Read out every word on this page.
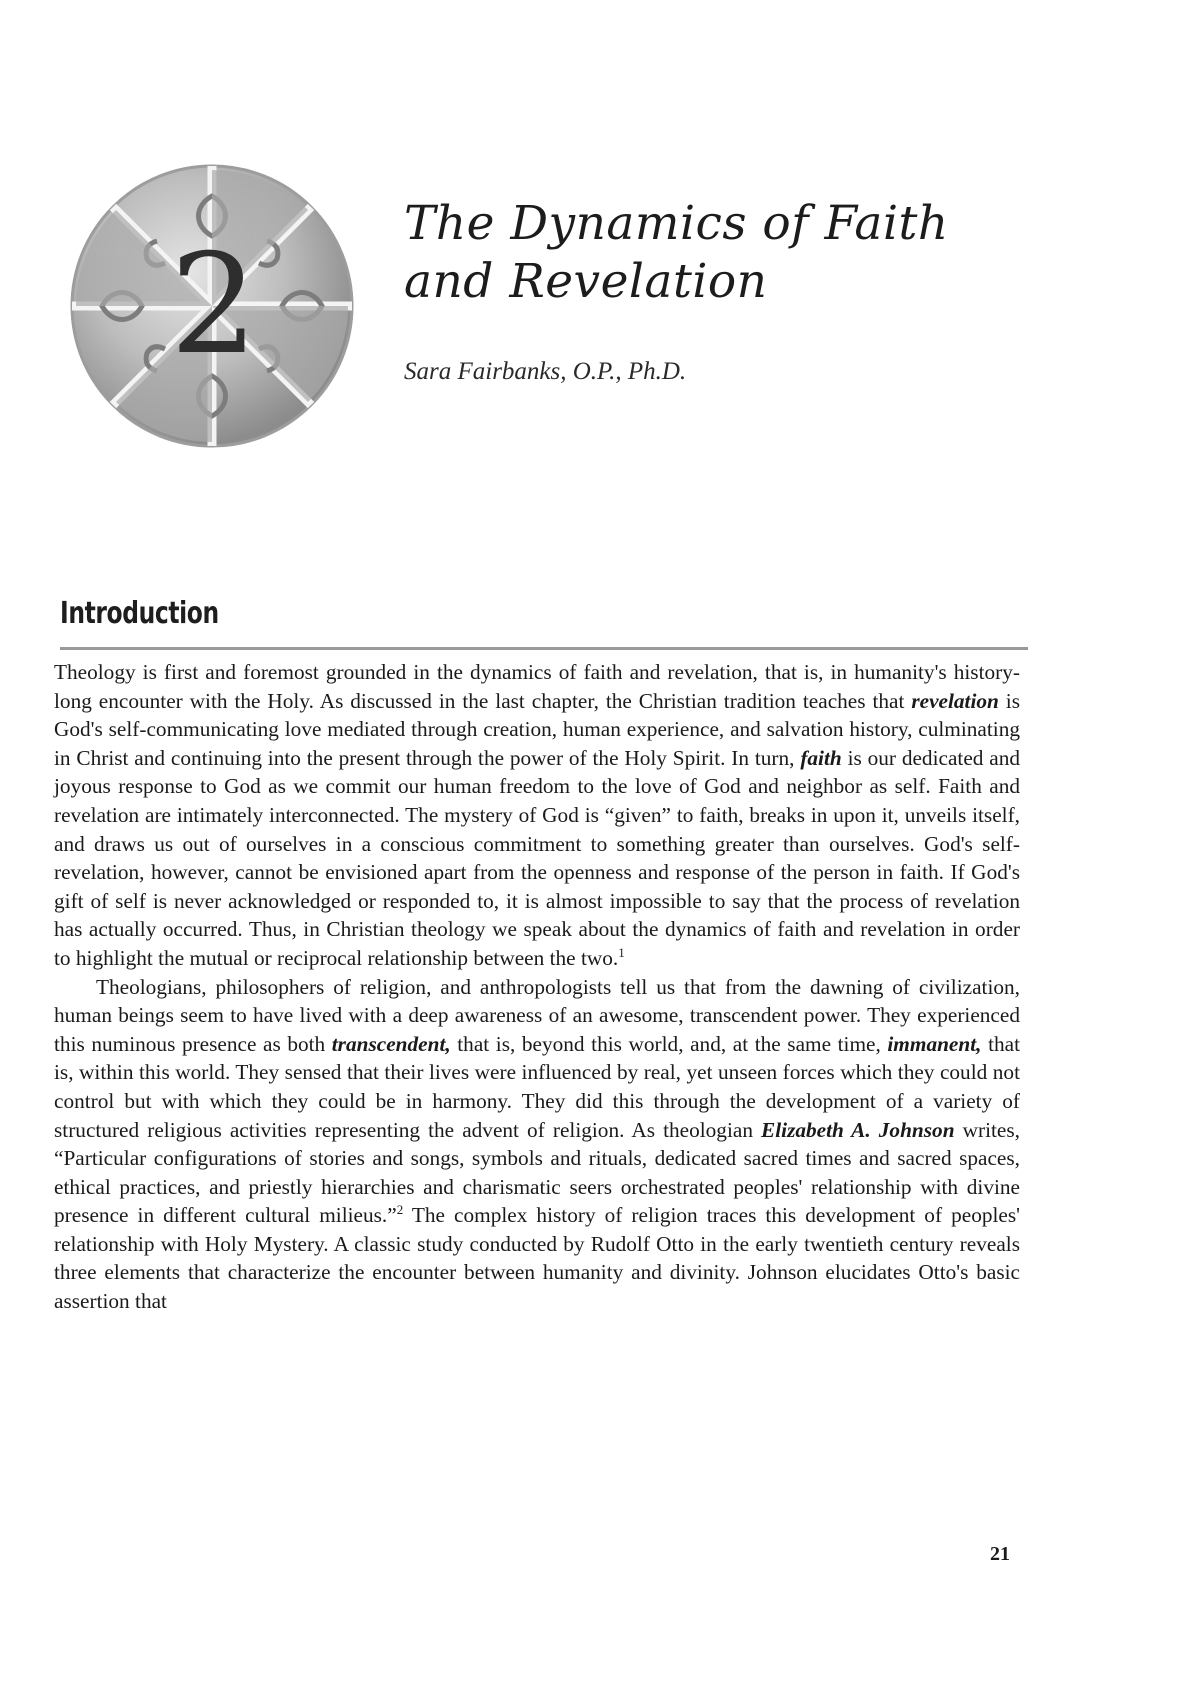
2
The Dynamics of Faith
and Revelation

Sara Fairbanks, O.P., Ph.D.

Introduction

Theology is first and foremost grounded in the dynamics of faith and revelation, that is, in humanity's history-long encounter with the Holy. As discussed in the last chapter, the Christian tradition teaches that revelation is God's self-communicating love mediated through creation, human experience, and salvation history, culminating in Christ and continuing into the present through the power of the Holy Spirit. In turn, faith is our dedicated and joyous response to God as we commit our human freedom to the love of God and neighbor as self. Faith and revelation are intimately interconnected. The mystery of God is “given” to faith, breaks in upon it, unveils itself, and draws us out of ourselves in a conscious commitment to something greater than ourselves. God's self-revelation, however, cannot be envisioned apart from the openness and response of the person in faith. If God's gift of self is never acknowledged or responded to, it is almost impossible to say that the process of revelation has actually occurred. Thus, in Christian theology we speak about the dynamics of faith and revelation in order to highlight the mutual or reciprocal relationship between the two.$^1$

Theologians, philosophers of religion, and anthropologists tell us that from the dawning of civilization, human beings seem to have lived with a deep awareness of an awesome, transcendent power. They experienced this numinous presence as both transcendent, that is, beyond this world, and, at the same time, immanent, that is, within this world. They sensed that their lives were influenced by real, yet unseen forces which they could not control but with which they could be in harmony. They did this through the development of a variety of structured religious activities representing the advent of religion. As theologian Elizabeth A. Johnson writes, “Particular configurations of stories and songs, symbols and rituals, dedicated sacred times and sacred spaces, ethical practices, and priestly hierarchies and charismatic seers orchestrated peoples' relationship with divine presence in different cultural milieus.”$^2$ The complex history of religion traces this development of peoples' relationship with Holy Mystery. A classic study conducted by Rudolf Otto in the early twentieth century reveals three elements that characterize the encounter between humanity and divinity. Johnson elucidates Otto's basic assertion that

21
